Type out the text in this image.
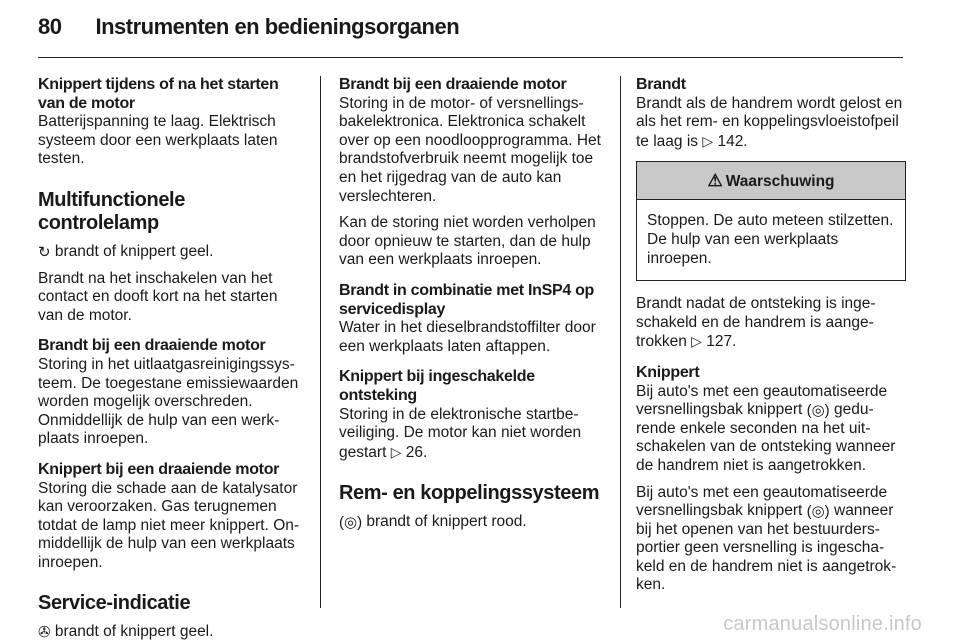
80 Instrumenten en bedieningsorganen
Knippert tijdens of na het starten van de motor

Batterijspanning te laag. Elektrisch systeem door een werkplaats laten testen.

Multifunctionele controlelamp

↻ brandt of knippert geel.

Brandt na het inschakelen van het contact en dooft kort na het starten van de motor.

Brandt bij een draaiende motor

Storing in het uitlaatgasreinigingssysteem. De toegestane emissiewaarden worden mogelijk overschreden. Onmiddellijk de hulp van een werkplaats inroepen.

Knippert bij een draaiende motor

Storing die schade aan de katalysator kan veroorzaken. Gas terugnemen totdat de lamp niet meer knippert. Onmiddellijk de hulp van een werkplaats inroepen.

Service-indicatie

✇ brandt of knippert geel.

Brandt bij een draaiende motor

Storing in de motor- of versnellingsbakelektronica. Elektronica schakelt over op een noodloopprogramma. Het brandstofverbruik neemt mogelijk toe en het rijgedrag van de auto kan verslechteren.

Kan de storing niet worden verholpen door opnieuw te starten, dan de hulp van een werkplaats inroepen.

Brandt in combinatie met InSP4 op servicedisplay

Water in het dieselbrandstoffilter door een werkplaats laten aftappen.

Knippert bij ingeschakelde ontsteking

Storing in de elektronische startbeveiliging. De motor kan niet worden gestart ▷ 26.

Rem- en koppelingssysteem

(◎) brandt of knippert rood.

Brandt

Brandt als de handrem wordt gelost en als het rem- en koppelingsvloeistofpeil te laag is ▷ 142.

⚠ Waarschuwing
Stoppen. De auto meteen stilzetten. De hulp van een werkplaats inroepen.

Brandt nadat de ontsteking is ingeschakeld en de handrem is aangetrokken ▷ 127.

Knippert

Bij auto's met een geautomatiseerde versnellingsbak knippert (◎) gedurende enkele seconden na het uitschakelen van de ontsteking wanneer de handrem niet is aangetrokken.

Bij auto's met een geautomatiseerde versnellingsbak knippert (◎) wanneer bij het openen van het bestuurdersportier geen versnelling is ingeschakeld en de handrem niet is aangetrokken.

carmanualsonline.info
